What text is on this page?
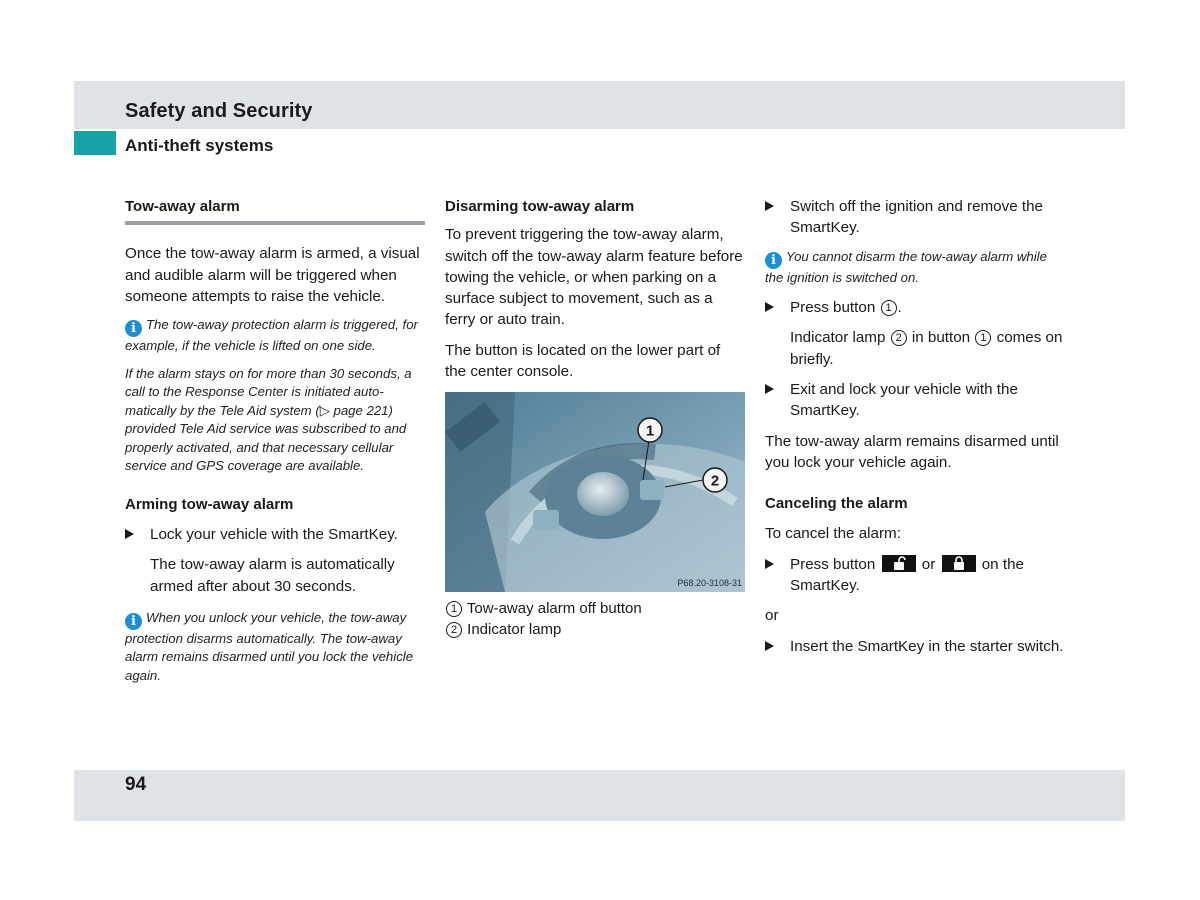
Safety and Security
Anti-theft systems
Tow-away alarm

Once the tow-away alarm is armed, a visual and audible alarm will be triggered when someone attempts to raise the vehicle.

i The tow-away protection alarm is triggered, for example, if the vehicle is lifted on one side.

If the alarm stays on for more than 30 seconds, a call to the Response Center is initiated auto-matically by the Tele Aid system (▷ page 221) provided Tele Aid service was subscribed to and properly activated, and that necessary cellular service and GPS coverage are available.

Arming tow-away alarm

Lock your vehicle with the SmartKey.

The tow-away alarm is automatically armed after about 30 seconds.

i When you unlock your vehicle, the tow-away protection disarms automatically. The tow-away alarm remains disarmed until you lock the vehicle again.

Disarming tow-away alarm

To prevent triggering the tow-away alarm, switch off the tow-away alarm feature before towing the vehicle, or when parking on a surface subject to movement, such as a ferry or auto train.

The button is located on the lower part of the center console.

1
2
P68.20-3108-31
1 Tow-away alarm off button
2 Indicator lamp

Switch off the ignition and remove the SmartKey.

i You cannot disarm the tow-away alarm while the ignition is switched on.

Press button 1 .

Indicator lamp 2 in button 1 comes on briefly.

Exit and lock your vehicle with the SmartKey.

The tow-away alarm remains disarmed until you lock your vehicle again.

Canceling the alarm

To cancel the alarm:

Press button	or	on the SmartKey.

or

Insert the SmartKey in the starter switch.

94
